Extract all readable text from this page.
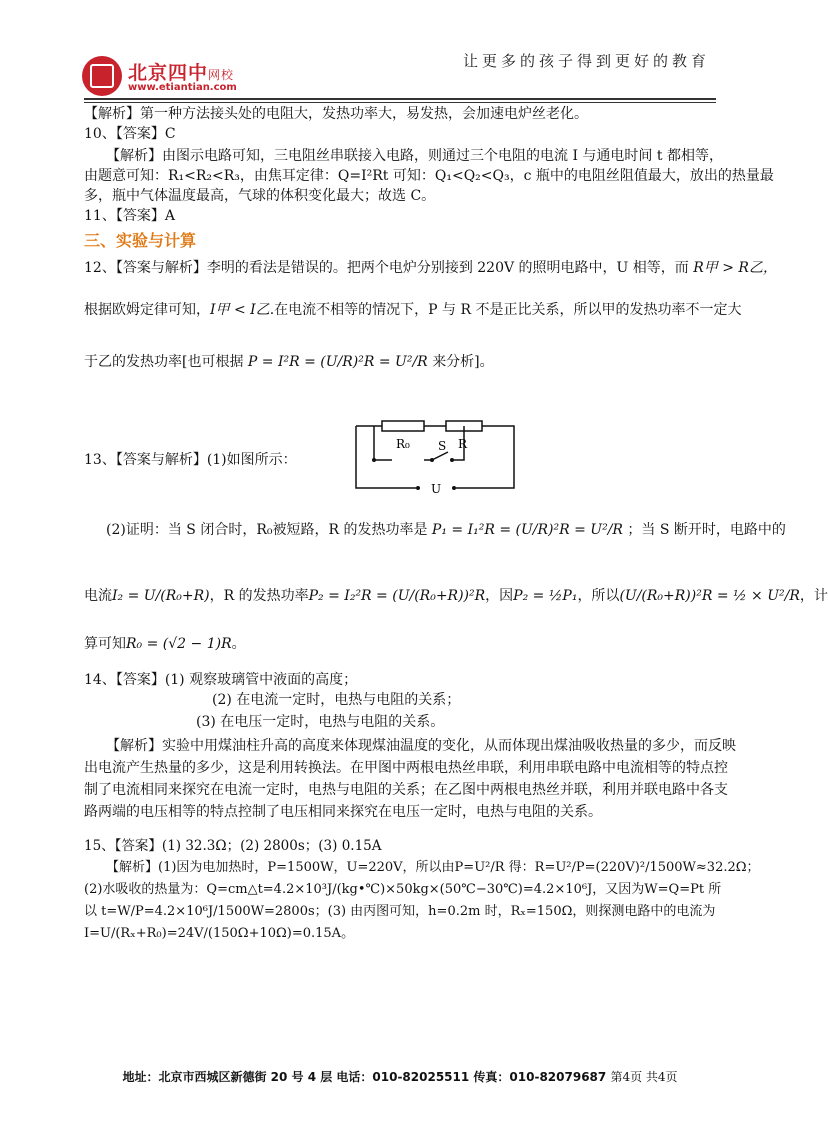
北京四中网校
www.etiantian.com
让更多的孩子得到更好的教育
【解析】第一种方法接头处的电阻大，发热功率大，易发热，会加速电炉丝老化。
10、【答案】C
【解析】由图示电路可知，三电阻丝串联接入电路，则通过三个电阻的电流 I 与通电时间 t 都相等，
由题意可知：R₁<R₂<R₃，由焦耳定律：Q=I²Rt 可知：Q₁<Q₂<Q₃，c 瓶中的电阻丝阻值最大，放出的热量最
多，瓶中气体温度最高，气球的体积变化最大；故选 C。
11、【答案】A
三、实验与计算
12、【答案与解析】李明的看法是错误的。把两个电炉分别接到 220V 的照明电路中，U 相等，而 R甲 > R乙，
根据欧姆定律可知，I甲 < I乙.在电流不相等的情况下，P 与 R 不是正比关系，所以甲的发热功率不一定大
于乙的发热功率[也可根据 P = I²R = (U/R)²R = U²/R 来分析]。
13、【答案与解析】(1)如图所示：
R₀	R
S
U
(2)证明：当 S 闭合时，R₀被短路，R 的发热功率是 P₁ = I₁²R = (U/R)²R = U²/R ；当 S 断开时，电路中的
电流I₂ = U/(R₀+R)，R 的发热功率P₂ = I₂²R = (U/(R₀+R))²R，因P₂ = ½P₁，所以(U/(R₀+R))²R = ½ × U²/R，计
算可知R₀ = (√2 − 1)R。
14、【答案】(1) 观察玻璃管中液面的高度；
(2) 在电流一定时，电热与电阻的关系；
(3) 在电压一定时，电热与电阻的关系。
【解析】实验中用煤油柱升高的高度来体现煤油温度的变化，从而体现出煤油吸收热量的多少，而反映
出电流产生热量的多少，这是利用转换法。在甲图中两根电热丝串联，利用串联电路中电流相等的特点控
制了电流相同来探究在电流一定时，电热与电阻的关系；在乙图中两根电热丝并联，利用并联电路中各支
路两端的电压相等的特点控制了电压相同来探究在电压一定时，电热与电阻的关系。
15、【答案】(1) 32.3Ω；(2) 2800s；(3) 0.15A
【解析】(1)因为电加热时，P=1500W，U=220V，所以由P=U²/R 得：R=U²/P=(220V)²/1500W≈32.2Ω；
(2)水吸收的热量为：Q=cm△t=4.2×10³J/(kg•℃)×50kg×(50℃−30℃)=4.2×10⁶J，又因为W=Q=Pt 所
以 t=W/P=4.2×10⁶J/1500W=2800s；(3) 由丙图可知，h=0.2m 时，Rₓ=150Ω，则探测电路中的电流为
I=U/(Rₓ+R₀)=24V/(150Ω+10Ω)=0.15A。
地址：北京市西城区新德街 20 号 4 层 电话：010-82025511 传真：010-82079687 第4页 共4页
